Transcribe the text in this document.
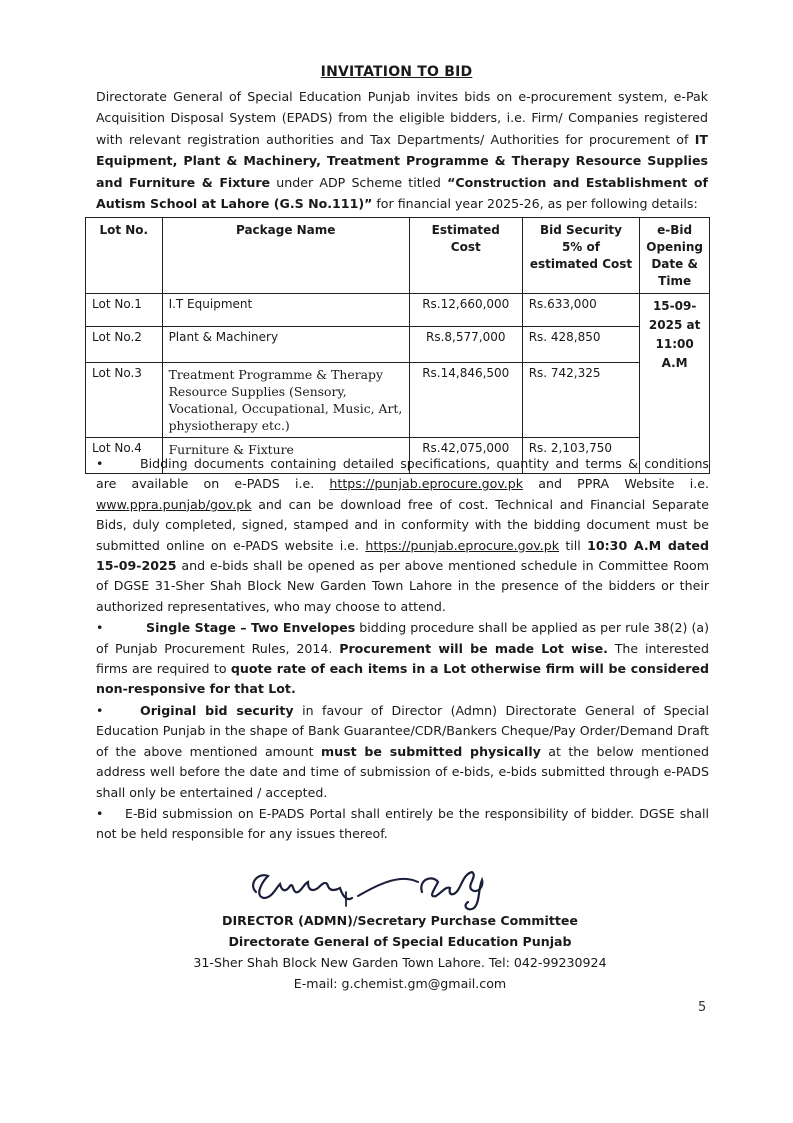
INVITATION TO BID
Directorate General of Special Education Punjab invites bids on e-procurement system, e-Pak Acquisition Disposal System (EPADS) from the eligible bidders, i.e. Firm/ Companies registered with relevant registration authorities and Tax Departments/ Authorities for procurement of IT Equipment, Plant & Machinery, Treatment Programme & Therapy Resource Supplies and Furniture & Fixture under ADP Scheme titled “Construction and Establishment of Autism School at Lahore (G.S No.111)” for financial year 2025-26, as per following details:
Lot No.	Package Name	Estimated Cost	Bid Security 5% of estimated Cost	e-Bid Opening Date & Time
Lot No.1	I.T Equipment	Rs.12,660,000	Rs.633,000	15-09-2025 at 11:00 A.M
Lot No.2	Plant & Machinery	Rs.8,577,000	Rs. 428,850	
Lot No.3	Treatment Programme & Therapy Resource Supplies (Sensory, Vocational, Occupational, Music, Art, physiotherapy etc.)	Rs.14,846,500	Rs. 742,325	
Lot No.4	Furniture & Fixture	Rs.42,075,000	Rs. 2,103,750	

•	Bidding documents containing detailed specifications, quantity and terms & conditions are available on e-PADS i.e. https://punjab.eprocure.gov.pk and PPRA Website i.e. www.ppra.punjab/gov.pk and can be download free of cost. Technical and Financial Separate Bids, duly completed, signed, stamped and in conformity with the bidding document must be submitted online on e-PADS website i.e. https://punjab.eprocure.gov.pk till 10:30 A.M dated 15-09-2025 and e-bids shall be opened as per above mentioned schedule in Committee Room of DGSE 31-Sher Shah Block New Garden Town Lahore in the presence of the bidders or their authorized representatives, who may choose to attend.

•	Single Stage – Two Envelopes bidding procedure shall be applied as per rule 38(2) (a) of Punjab Procurement Rules, 2014. Procurement will be made Lot wise. The interested firms are required to quote rate of each items in a Lot otherwise firm will be considered non-responsive for that Lot.

•	Original bid security in favour of Director (Admn) Directorate General of Special Education Punjab in the shape of Bank Guarantee/CDR/Bankers Cheque/Pay Order/Demand Draft of the above mentioned amount must be submitted physically at the below mentioned address well before the date and time of submission of e-bids, e-bids submitted through e-PADS shall only be entertained / accepted.

• E-Bid submission on E-PADS Portal shall entirely be the responsibility of bidder. DGSE shall not be held responsible for any issues thereof.

DIRECTOR (ADMN)/Secretary Purchase Committee
Directorate General of Special Education Punjab
31-Sher Shah Block New Garden Town Lahore. Tel: 042-99230924
E-mail: g.chemist.gm@gmail.com
5
